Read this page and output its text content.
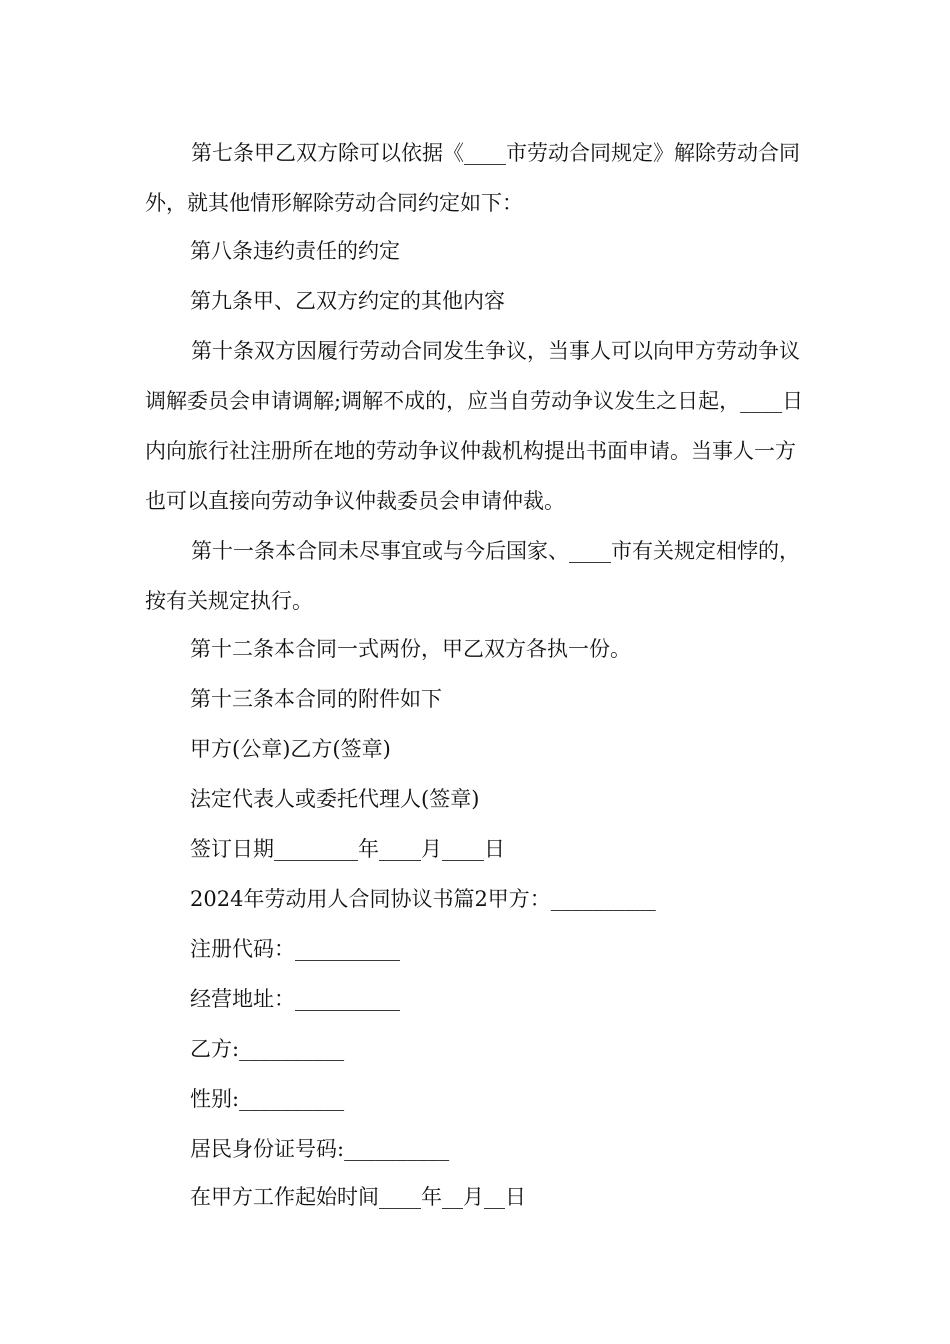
第七条甲乙双方除可以依据《____市劳动合同规定》解除劳动合同外，就其他情形解除劳动合同约定如下：

第八条违约责任的约定

第九条甲、乙双方约定的其他内容

第十条双方因履行劳动合同发生争议，当事人可以向甲方劳动争议调解委员会申请调解;调解不成的，应当自劳动争议发生之日起，____日内向旅行社注册所在地的劳动争议仲裁机构提出书面申请。当事人一方也可以直接向劳动争议仲裁委员会申请仲裁。

第十一条本合同未尽事宜或与今后国家、____市有关规定相悖的，按有关规定执行。

第十二条本合同一式两份，甲乙双方各执一份。

第十三条本合同的附件如下

甲方(公章)乙方(签章)

法定代表人或委托代理人(签章)

签订日期________年____月____日

2024年劳动用人合同协议书篇2甲方：__________

注册代码：__________

经营地址：__________

乙方:__________

性别:__________

居民身份证号码:__________

在甲方工作起始时间____年__月__日
